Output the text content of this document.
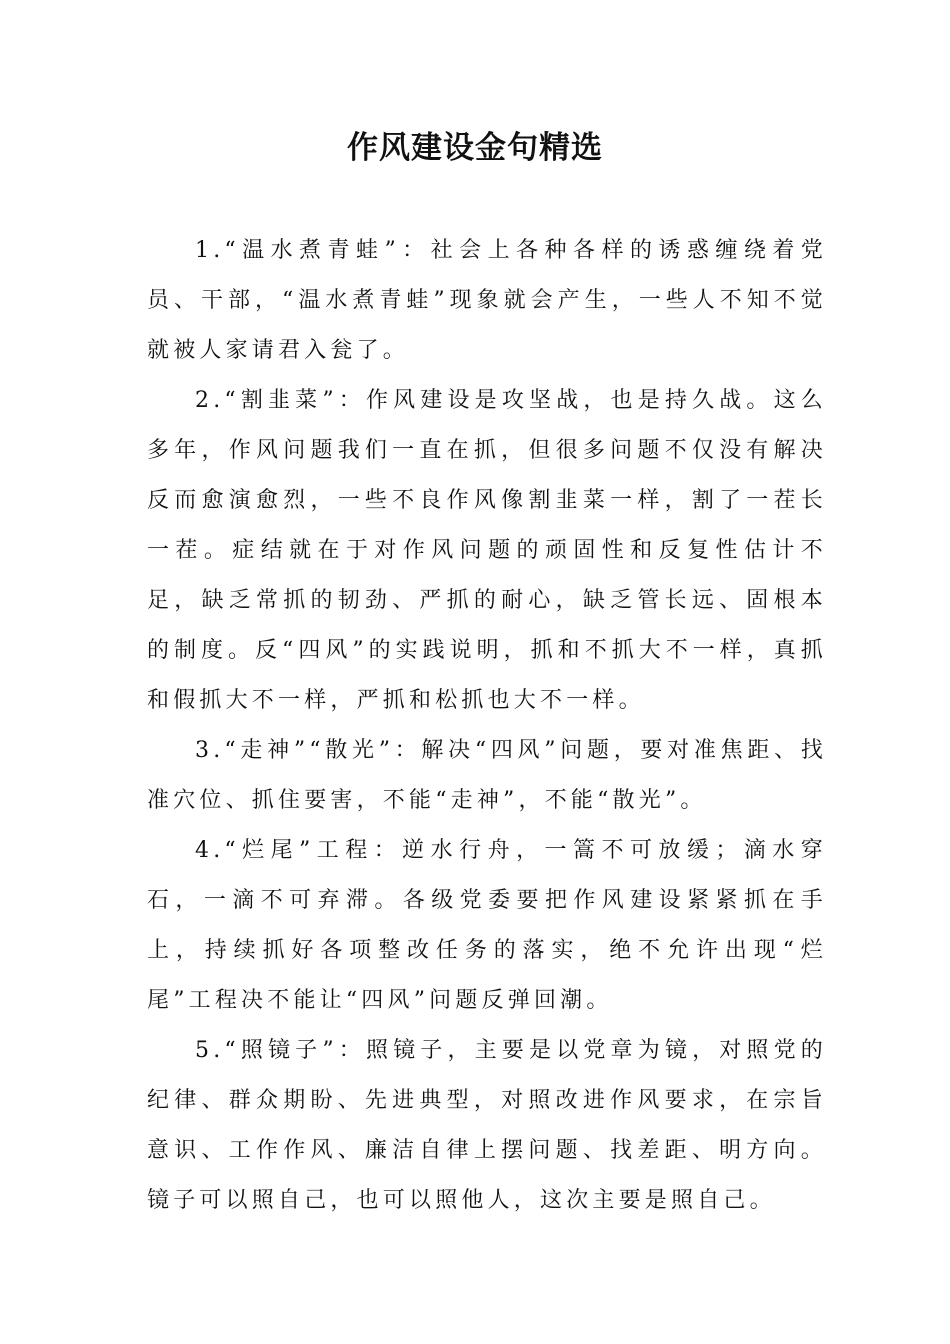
作风建设金句精选

1.“温水煮青蛙”：社会上各种各样的诱惑缠绕着党员、干部，“温水煮青蛙”现象就会产生，一些人不知不觉就被人家请君入瓮了。

2.“割韭菜”：作风建设是攻坚战，也是持久战。这么多年，作风问题我们一直在抓，但很多问题不仅没有解决反而愈演愈烈，一些不良作风像割韭菜一样，割了一茬长一茬。症结就在于对作风问题的顽固性和反复性估计不足，缺乏常抓的韧劲、严抓的耐心，缺乏管长远、固根本的制度。反“四风”的实践说明，抓和不抓大不一样，真抓和假抓大不一样，严抓和松抓也大不一样。

3.“走神”“散光”：解决“四风”问题，要对准焦距、找准穴位、抓住要害，不能“走神”，不能“散光”。

4.“烂尾”工程：逆水行舟，一篙不可放缓；滴水穿石，一滴不可弃滞。各级党委要把作风建设紧紧抓在手上，持续抓好各项整改任务的落实，绝不允许出现“烂尾”工程决不能让“四风”问题反弹回潮。

5.“照镜子”：照镜子，主要是以党章为镜，对照党的纪律、群众期盼、先进典型，对照改进作风要求，在宗旨意识、工作作风、廉洁自律上摆问题、找差距、明方向。镜子可以照自己，也可以照他人，这次主要是照自己。
